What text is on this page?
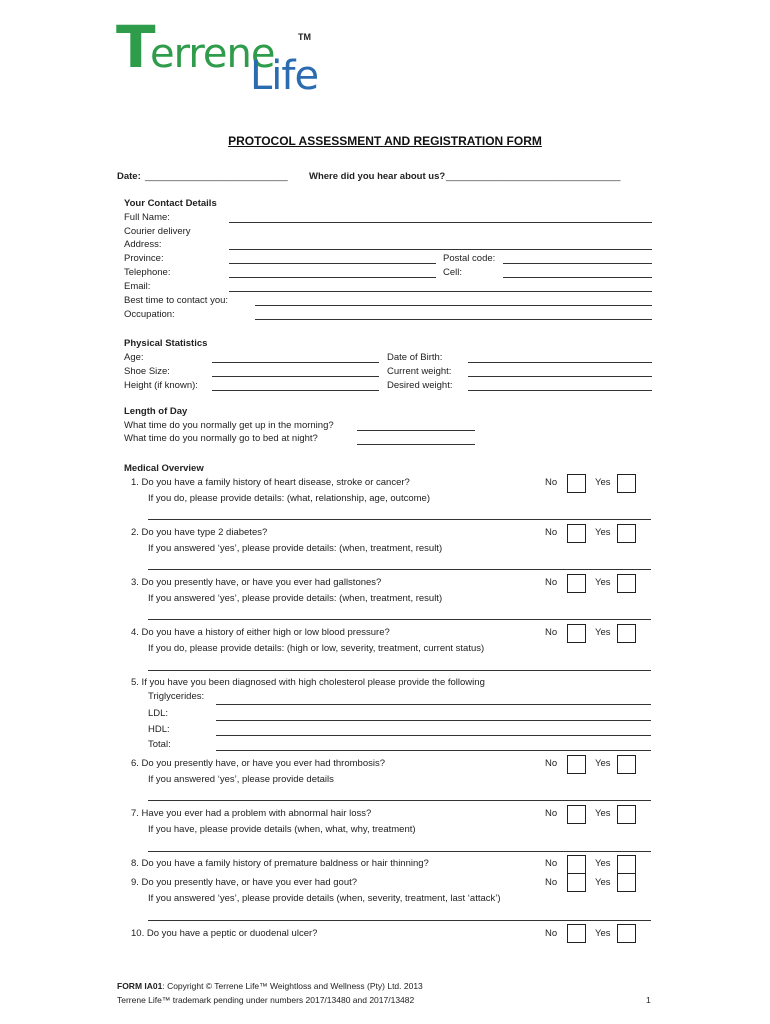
T
errene
Life
TM
PROTOCOL ASSESSMENT AND REGISTRATION FORM
Date: ___________________________ Where did you hear about us? _________________________________
Your Contact Details
Full Name:
Courier delivery
Address:
Province:	Postal code:
Telephone:	Cell:
Email:
Best time to contact you:
Occupation:
Physical Statistics
Age:	Date of Birth:
Shoe Size:	Current weight:
Height (if known):	Desired weight:
Length of Day
What time do you normally get up in the morning?
What time do you normally go to bed at night?
Medical Overview
1. Do you have a family history of heart disease, stroke or cancer?	No	Yes
If you do, please provide details: (what, relationship, age, outcome)
2. Do you have type 2 diabetes?	No	Yes
If you answered ‘yes’, please provide details: (when, treatment, result)
3. Do you presently have, or have you ever had gallstones?	No	Yes
If you answered ‘yes’, please provide details: (when, treatment, result)
4. Do you have a history of either high or low blood pressure?	No	Yes
If you do, please provide details: (high or low, severity, treatment, current status)
5. If you have you been diagnosed with high cholesterol please provide the following
Triglycerides:
LDL:
HDL:
Total:
6. Do you presently have, or have you ever had thrombosis?	No	Yes
If you answered ‘yes’, please provide details
7. Have you ever had a problem with abnormal hair loss?	No	Yes
If you have, please provide details (when, what, why, treatment)
8. Do you have a family history of premature baldness or hair thinning?	No	Yes
9. Do you presently have, or have you ever had gout?	No	Yes
If you answered ‘yes’, please provide details (when, severity, treatment, last ‘attack’)
10. Do you have a peptic or duodenal ulcer?	No	Yes
FORM IA01: Copyright © Terrene Life™ Weightloss and Wellness (Pty) Ltd. 2013
Terrene Life™ trademark pending under numbers 2017/13480 and 2017/13482	1
